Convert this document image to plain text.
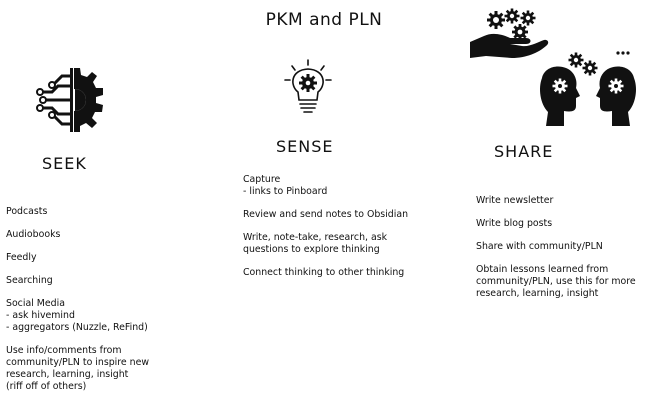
PKM and PLN
SEEK
Podcasts
Audiobooks
Feedly
Searching
Social Media
- ask hivemind
- aggregators (Nuzzle, ReFind)
Use info/comments from
community/PLN to inspire new
research, learning, insight
(riff off of others)
SENSE
Capture
- links to Pinboard
Review and send notes to Obsidian
Write, note-take, research, ask
questions to explore thinking
Connect thinking to other thinking
SHARE
Write newsletter
Write blog posts
Share with community/PLN
Obtain lessons learned from
community/PLN, use this for more
research, learning, insight
